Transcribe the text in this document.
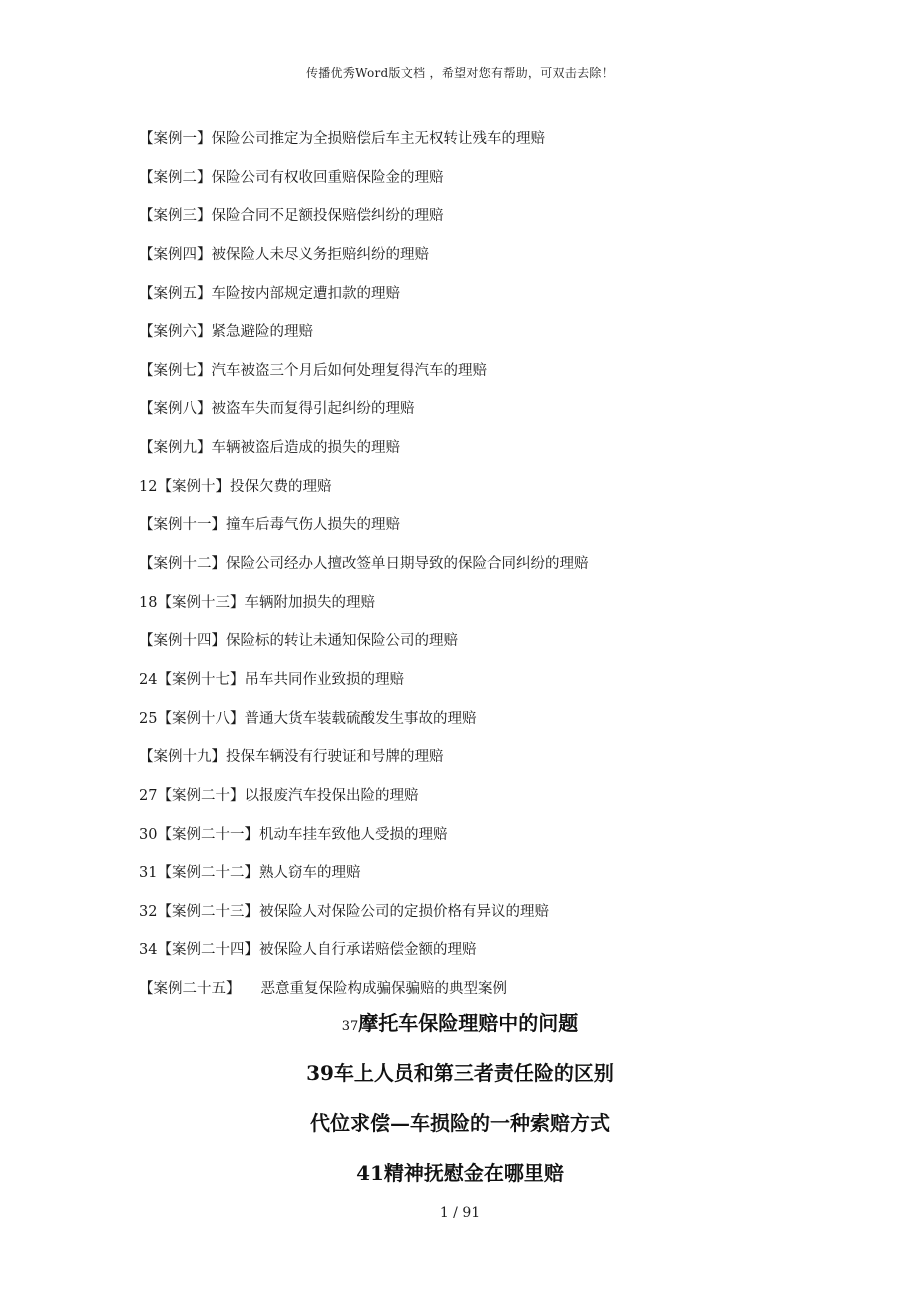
传播优秀Word版文档 ，希望对您有帮助，可双击去除！
【案例一】保险公司推定为全损赔偿后车主无权转让残车的理赔
【案例二】保险公司有权收回重赔保险金的理赔
【案例三】保险合同不足额投保赔偿纠纷的理赔
【案例四】被保险人未尽义务拒赔纠纷的理赔
【案例五】车险按内部规定遭扣款的理赔
【案例六】紧急避险的理赔
【案例七】汽车被盗三个月后如何处理复得汽车的理赔
【案例八】被盗车失而复得引起纠纷的理赔
【案例九】车辆被盗后造成的损失的理赔
12【案例十】投保欠费的理赔
【案例十一】撞车后毒气伤人损失的理赔
【案例十二】保险公司经办人擅改签单日期导致的保险合同纠纷的理赔
18【案例十三】车辆附加损失的理赔
【案例十四】保险标的转让未通知保险公司的理赔
24【案例十七】吊车共同作业致损的理赔
25【案例十八】普通大货车装载硫酸发生事故的理赔
【案例十九】投保车辆没有行驶证和号牌的理赔
27【案例二十】以报废汽车投保出险的理赔
30【案例二十一】机动车挂车致他人受损的理赔
31【案例二十二】熟人窃车的理赔
32【案例二十三】被保险人对保险公司的定损价格有异议的理赔
34【案例二十四】被保险人自行承诺赔偿金额的理赔
【案例二十五】 恶意重复保险构成骗保骗赔的典型案例
37摩托车保险理赔中的问题
39车上人员和第三者责任险的区别
代位求偿—车损险的一种索赔方式
41精神抚慰金在哪里赔
1 / 91
